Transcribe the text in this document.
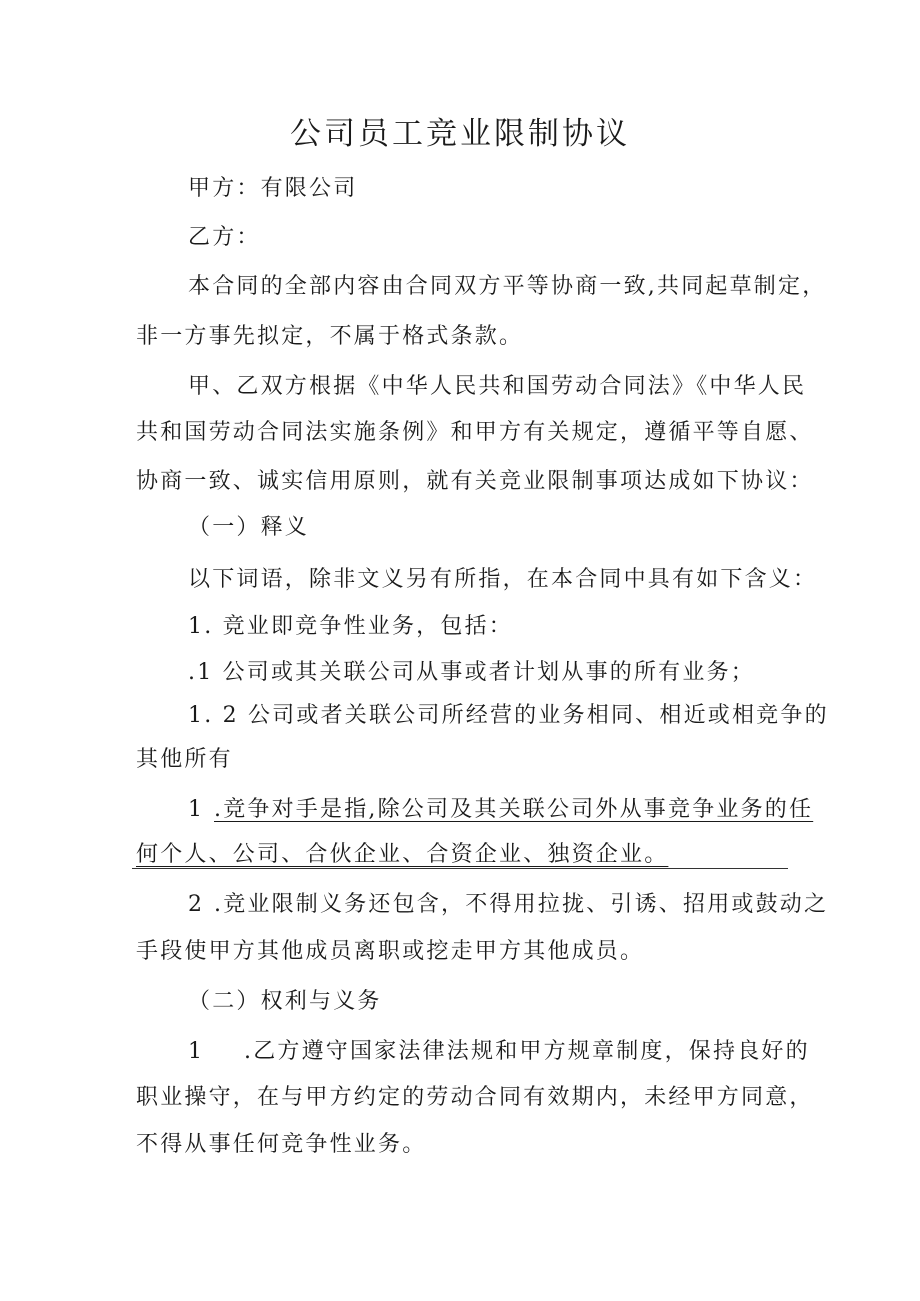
公司员工竞业限制协议
甲方：有限公司
乙方：
本合同的全部内容由合同双方平等协商一致,共同起草制定，
非一方事先拟定，不属于格式条款。
甲、乙双方根据《中华人民共和国劳动合同法》《中华人民
共和国劳动合同法实施条例》和甲方有关规定，遵循平等自愿、
协商一致、诚实信用原则，就有关竞业限制事项达成如下协议：
（一）释义
以下词语，除非文义另有所指，在本合同中具有如下含义：
1. 竞业即竞争性业务，包括：
.1 公司或其关联公司从事或者计划从事的所有业务；
1. 2 公司或者关联公司所经营的业务相同、相近或相竞争的
其他所有
1 .竞争对手是指,除公司及其关联公司外从事竞争业务的任
何个人、公司、合伙企业、合资企业、独资企业。
2 .竞业限制义务还包含，不得用拉拢、引诱、招用或鼓动之
手段使甲方其他成员离职或挖走甲方其他成员。
（二）权利与义务
1 .乙方遵守国家法律法规和甲方规章制度，保持良好的
职业操守，在与甲方约定的劳动合同有效期内，未经甲方同意，
不得从事任何竞争性业务。
